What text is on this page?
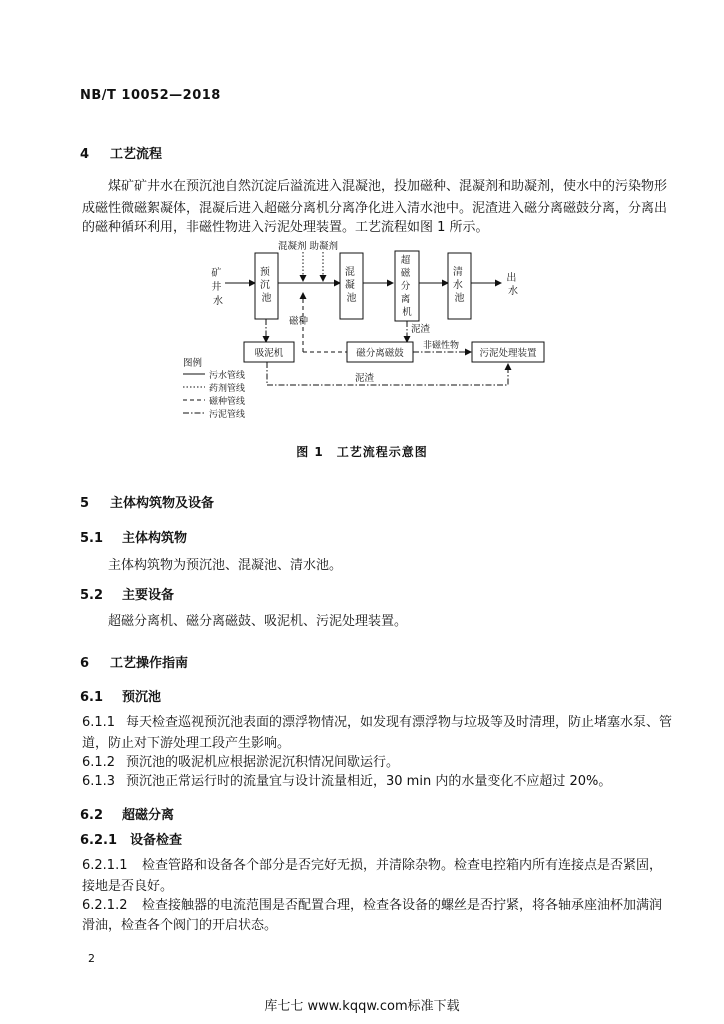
NB/T 10052—2018
4 工艺流程
煤矿矿井水在预沉池自然沉淀后溢流进入混凝池，投加磁种、混凝剂和助凝剂，使水中的污染物形
成磁性微磁絮凝体，混凝后进入超磁分离机分离净化进入清水池中。泥渣进入磁分离磁鼓分离，分离出
的磁种循环利用，非磁性物进入污泥处理装置。工艺流程如图 1 所示。
矿 井 水
出 水
混凝剂 助凝剂
预 沉 池
混 凝 池
超 磁 分 离 机
清 水 池
磁种
泥渣
吸泥机	磁分离磁鼓
非磁性物
污泥处理装置
泥渣
图例
污水管线
药剂管线
磁种管线
污泥管线
图 1　工艺流程示意图
5 主体构筑物及设备
5.1 主体构筑物
主体构筑物为预沉池、混凝池、清水池。
5.2 主要设备
超磁分离机、磁分离磁鼓、吸泥机、污泥处理装置。
6 工艺操作指南
6.1 预沉池
6.1.1 每天检查巡视预沉池表面的漂浮物情况，如发现有漂浮物与垃圾等及时清理，防止堵塞水泵、管
道，防止对下游处理工段产生影响。
6.1.2 预沉池的吸泥机应根据淤泥沉积情况间歇运行。
6.1.3 预沉池正常运行时的流量宜与设计流量相近，30 min 内的水量变化不应超过 20%。
6.2 超磁分离
6.2.1 设备检查
6.2.1.1 检查管路和设备各个部分是否完好无损，并清除杂物。检查电控箱内所有连接点是否紧固，
接地是否良好。
6.2.1.2 检查接触器的电流范围是否配置合理，检查各设备的螺丝是否拧紧，将各轴承座油杯加满润
滑油，检查各个阀门的开启状态。
2
库七七 www.kqqw.com标准下载
